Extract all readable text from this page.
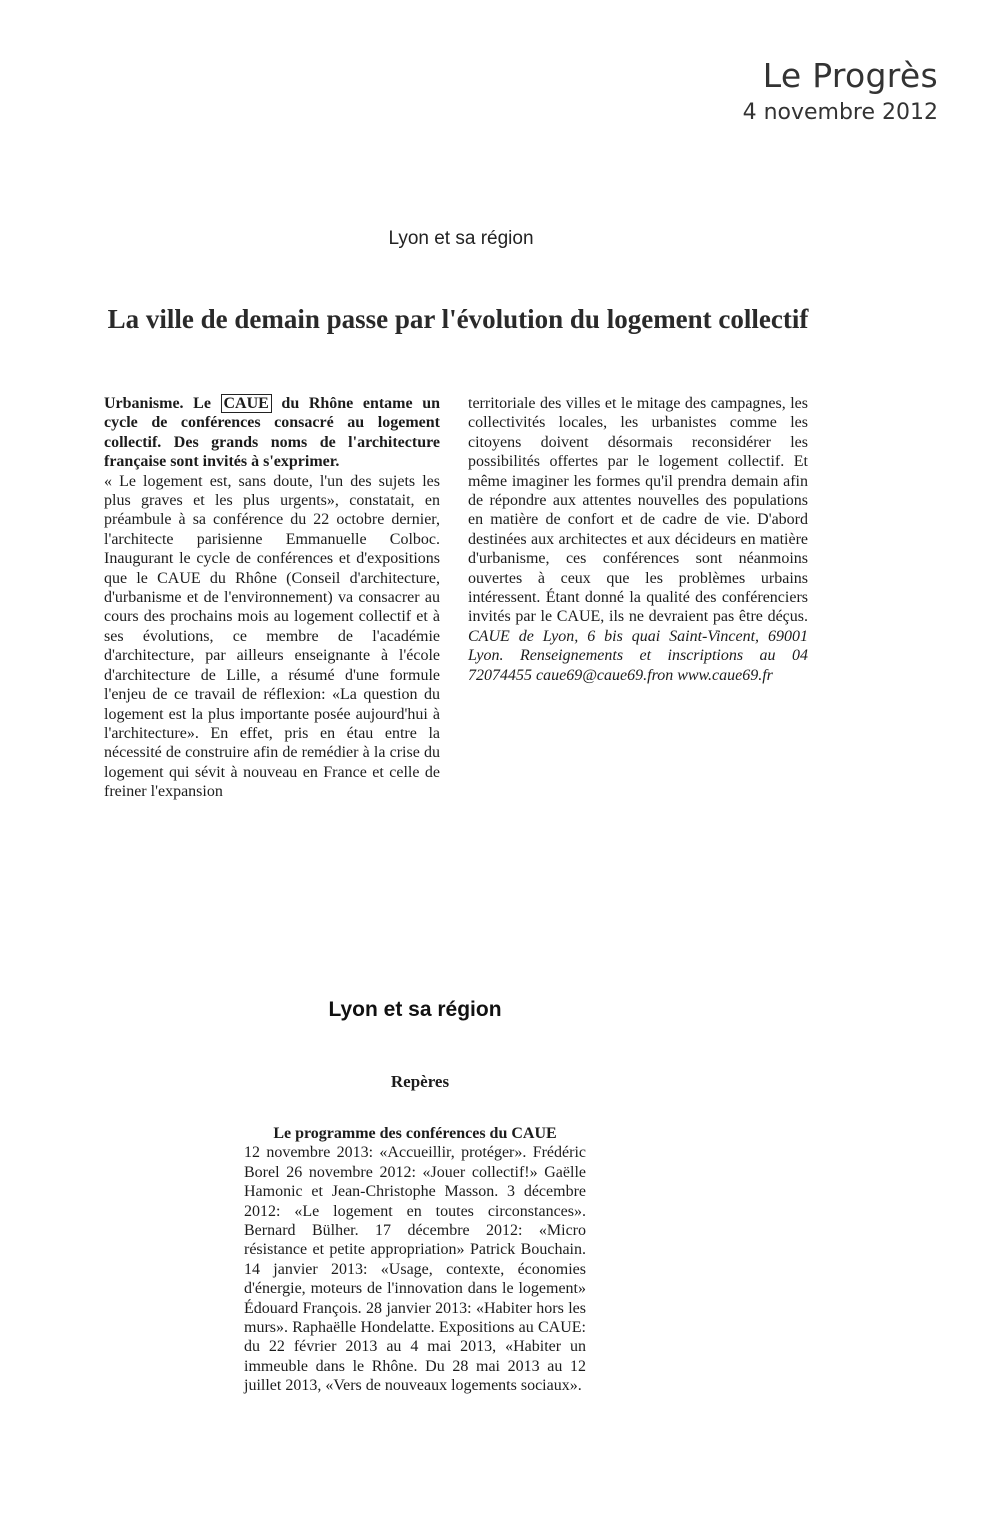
Le Progrès
4 novembre 2012
Lyon et sa région
La ville de demain passe par l'évolution du logement collectif

Urbanisme. Le CAUE du Rhône entame un cycle de conférences consacré au logement collectif. Des grands noms de l'architecture française sont invités à s'exprimer.

« Le logement est, sans doute, l'un des sujets les plus graves et les plus urgents», constatait, en préambule à sa conférence du 22 octobre dernier, l'architecte parisienne Emmanuelle Colboc. Inaugurant le cycle de conférences et d'expositions que le CAUE du Rhône (Conseil d'architecture, d'urbanisme et de l'environnement) va consacrer au cours des prochains mois au logement collectif et à ses évolutions, ce membre de l'académie d'architecture, par ailleurs enseignante à l'école d'architecture de Lille, a résumé d'une formule l'enjeu de ce travail de réflexion: «La question du logement est la plus importante posée aujourd'hui à l'architecture». En effet, pris en étau entre la nécessité de construire afin de remédier à la crise du logement qui sévit à nouveau en France et celle de freiner l'expansion

territoriale des villes et le mitage des campagnes, les collectivités locales, les urbanistes comme les citoyens doivent désormais reconsidérer les possibilités offertes par le logement collectif. Et même imaginer les formes qu'il prendra demain afin de répondre aux attentes nouvelles des populations en matière de confort et de cadre de vie. D'abord destinées aux architectes et aux décideurs en matière d'urbanisme, ces conférences sont néanmoins ouvertes à ceux que les problèmes urbains intéressent. Étant donné la qualité des conférenciers invités par le CAUE, ils ne devraient pas être déçus. CAUE de Lyon, 6 bis quai Saint-Vincent, 69001 Lyon. Renseignements et inscriptions au 04 72074455 caue69@caue69.fron www.caue69.fr

Lyon et sa région
Repères
Le programme des conférences du CAUE
12 novembre 2013: «Accueillir, protéger». Frédéric Borel 26 novembre 2012: «Jouer collectif!» Gaëlle Hamonic et Jean-Christophe Masson. 3 décembre 2012: «Le logement en toutes circonstances». Bernard Bülher. 17 décembre 2012: «Micro résistance et petite appropriation» Patrick Bouchain. 14 janvier 2013: «Usage, contexte, économies d'énergie, moteurs de l'innovation dans le logement» Édouard François. 28 janvier 2013: «Habiter hors les murs». Raphaëlle Hondelatte. Expositions au CAUE: du 22 février 2013 au 4 mai 2013, «Habiter un immeuble dans le Rhône. Du 28 mai 2013 au 12 juillet 2013, «Vers de nouveaux logements sociaux».
